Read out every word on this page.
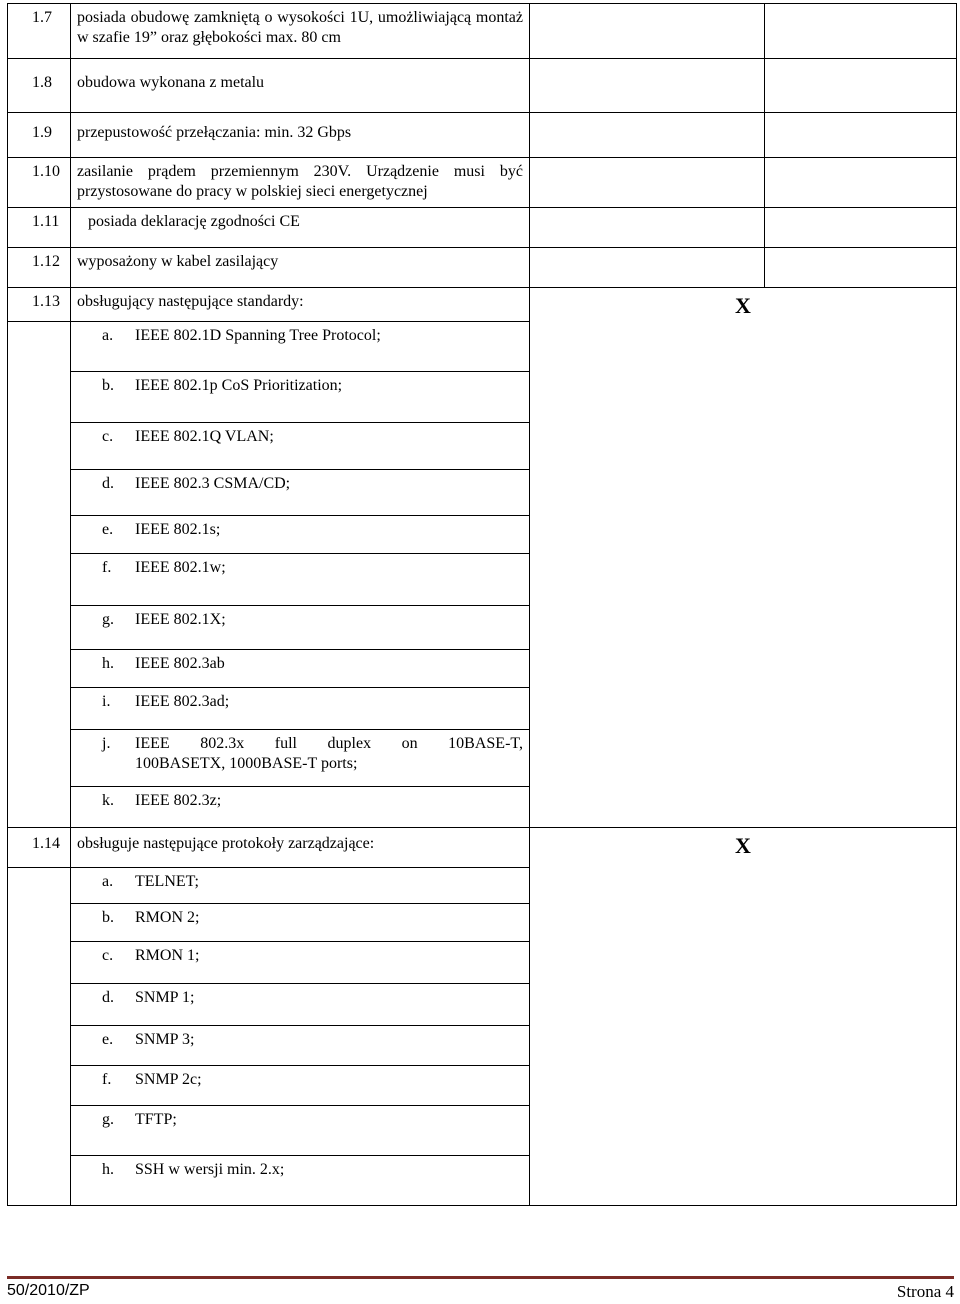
1.7	posiada obudowę zamkniętą o wysokości 1U, umożliwiającą montaż w szafie 19” oraz głębokości max. 80 cm		
1.8	obudowa wykonana z metalu		
1.9	przepustowość przełączania: min. 32 Gbps		
1.10	zasilanie prądem przemiennym 230V. Urządzenie musi być przystosowane do pracy w polskiej sieci energetycznej		
1.11	posiada deklarację zgodności CE		
1.12	wyposażony w kabel zasilający		
1.13	obsługujący następujące standardy:	X	

	a. IEEE 802.1D Spanning Tree Protocol;		

	b. IEEE 802.1p CoS Prioritization;		

	c. IEEE 802.1Q VLAN;		

	d. IEEE 802.3 CSMA/CD;		

	e. IEEE 802.1s;		

	f. IEEE 802.1w;		

	g. IEEE 802.1X;		

	h. IEEE 802.3ab		

	i. IEEE 802.3ad;		

	j. IEEE 802.3x full duplex on 10BASE-T,
100BASETX, 1000BASE-T ports;		

	k. IEEE 802.3z;		

1.14	obsługuje następujące protokoły zarządzające:	X	

	a. TELNET;		

	b. RMON 2;		

	c. RMON 1;		

	d. SNMP 1;		

	e. SNMP 3;		

	f. SNMP 2c;		

	g. TFTP;		

	h. SSH w wersji min. 2.x;		
50/2010/ZP	Strona 4
